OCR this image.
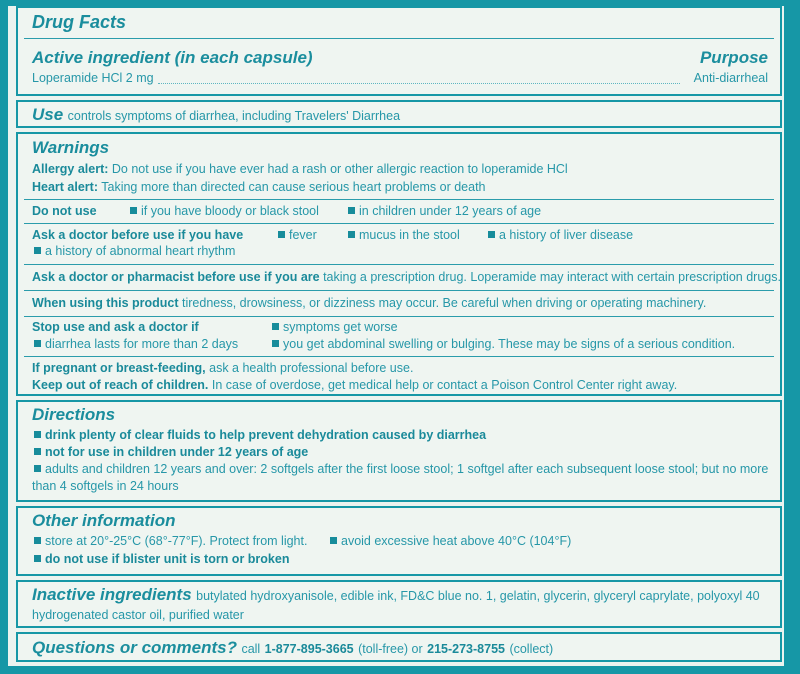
Drug Facts
Active ingredient (in each capsule)	Purpose
Loperamide HCl 2 mg	Anti-diarrheal
Use controls symptoms of diarrhea, including Travelers' Diarrhea
Warnings
Allergy alert: Do not use if you have ever had a rash or other allergic reaction to loperamide HCl
Heart alert: Taking more than directed can cause serious heart problems or death
Do not use	if you have bloody or black stool	in children under 12 years of age
Ask a doctor before use if you have	fever	mucus in the stool	a history of liver disease
a history of abnormal heart rhythm
Ask a doctor or pharmacist before use if you are taking a prescription drug. Loperamide may interact with certain prescription drugs.
When using this product tiredness, drowsiness, or dizziness may occur. Be careful when driving or operating machinery.
Stop use and ask a doctor if	symptoms get worse
diarrhea lasts for more than 2 days	you get abdominal swelling or bulging. These may be signs of a serious condition.
If pregnant or breast-feeding, ask a health professional before use.
Keep out of reach of children. In case of overdose, get medical help or contact a Poison Control Center right away.
Directions
drink plenty of clear fluids to help prevent dehydration caused by diarrhea
not for use in children under 12 years of age
adults and children 12 years and over: 2 softgels after the first loose stool; 1 softgel after each subsequent loose stool; but no more
than 4 softgels in 24 hours
Other information
store at 20°-25°C (68°-77°F). Protect from light.	avoid excessive heat above 40°C (104°F)
do not use if blister unit is torn or broken
Inactive ingredients butylated hydroxyanisole, edible ink, FD&C blue no. 1, gelatin, glycerin, glyceryl caprylate, polyoxyl 40
hydrogenated castor oil, purified water
Questions or comments? call 1-877-895-3665 (toll-free) or 215-273-8755 (collect)
